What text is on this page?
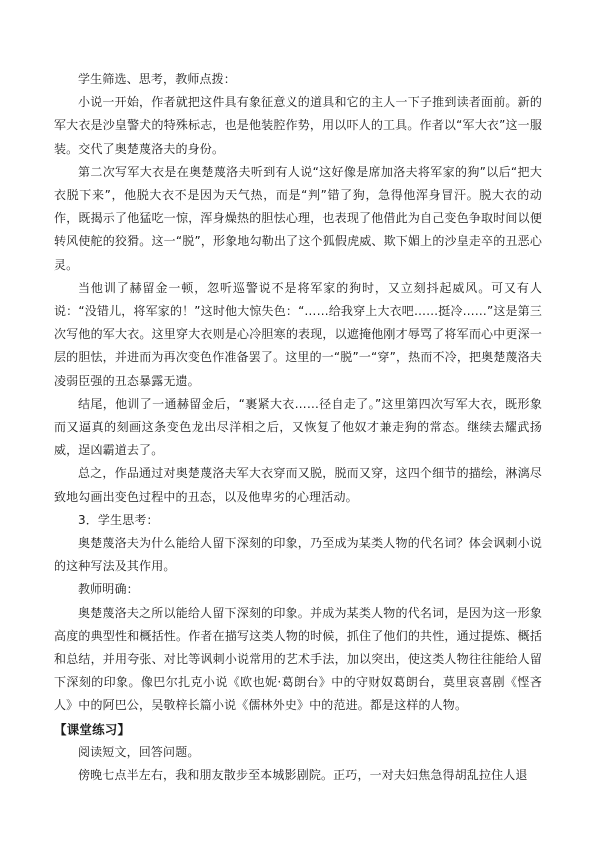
学生筛选、思考，教师点拨：

小说一开始，作者就把这件具有象征意义的道具和它的主人一下子推到读者面前。新的军大衣是沙皇警犬的特殊标志，也是他装腔作势，用以吓人的工具。作者以“军大衣”这一服装。交代了奥楚蔑洛夫的身份。

第二次写军大衣是在奥楚蔑洛夫听到有人说“这好像是席加洛夫将军家的狗”以后“把大衣脱下来”，他脱大衣不是因为天气热，而是“判”错了狗，急得他浑身冒汗。脱大衣的动作，既揭示了他猛吃一惊，浑身燥热的胆怯心理，也表现了他借此为自己变色争取时间以便转风使舵的狡猾。这一“脱”，形象地勾勒出了这个狐假虎威、欺下媚上的沙皇走卒的丑恶心灵。

当他训了赫留金一顿，忽听巡警说不是将军家的狗时，又立刻抖起威风。可又有人说：“没错儿，将军家的！”这时他大惊失色：“……给我穿上大衣吧……挺冷……”这是第三次写他的军大衣。这里穿大衣则是心冷胆寒的表现，以遮掩他刚才辱骂了将军而心中更深一层的胆怯，并进而为再次变色作准备罢了。这里的一“脱”一“穿”，热而不冷，把奥楚蔑洛夫凌弱臣强的丑态暴露无遗。

结尾，他训了一通赫留金后，“裹紧大衣……径自走了。”这里第四次写军大衣，既形象而又逼真的刻画这条变色龙出尽洋相之后，又恢复了他奴才兼走狗的常态。继续去耀武扬威，逞凶霸道去了。

总之，作品通过对奥楚蔑洛夫军大衣穿而又脱，脱而又穿，这四个细节的描绘，淋漓尽致地勾画出变色过程中的丑态，以及他卑劣的心理活动。

3．学生思考：

奥楚蔑洛夫为什么能给人留下深刻的印象，乃至成为某类人物的代名词？体会讽刺小说的这种写法及其作用。

教师明确：

奥楚蔑洛夫之所以能给人留下深刻的印象。并成为某类人物的代名词，是因为这一形象高度的典型性和概括性。作者在描写这类人物的时候，抓住了他们的共性，通过提炼、概括和总结，并用夸张、对比等讽刺小说常用的艺术手法，加以突出，使这类人物往往能给人留下深刻的印象。像巴尔扎克小说《欧也妮·葛朗台》中的守财奴葛朗台，莫里哀喜剧《悭吝人》中的阿巴公，吴敬梓长篇小说《儒林外史》中的范进。都是这样的人物。

【课堂练习】

阅读短文，回答问题。

傍晚七点半左右，我和朋友散步至本城影剧院。正巧，一对夫妇焦急得胡乱拉住人退
